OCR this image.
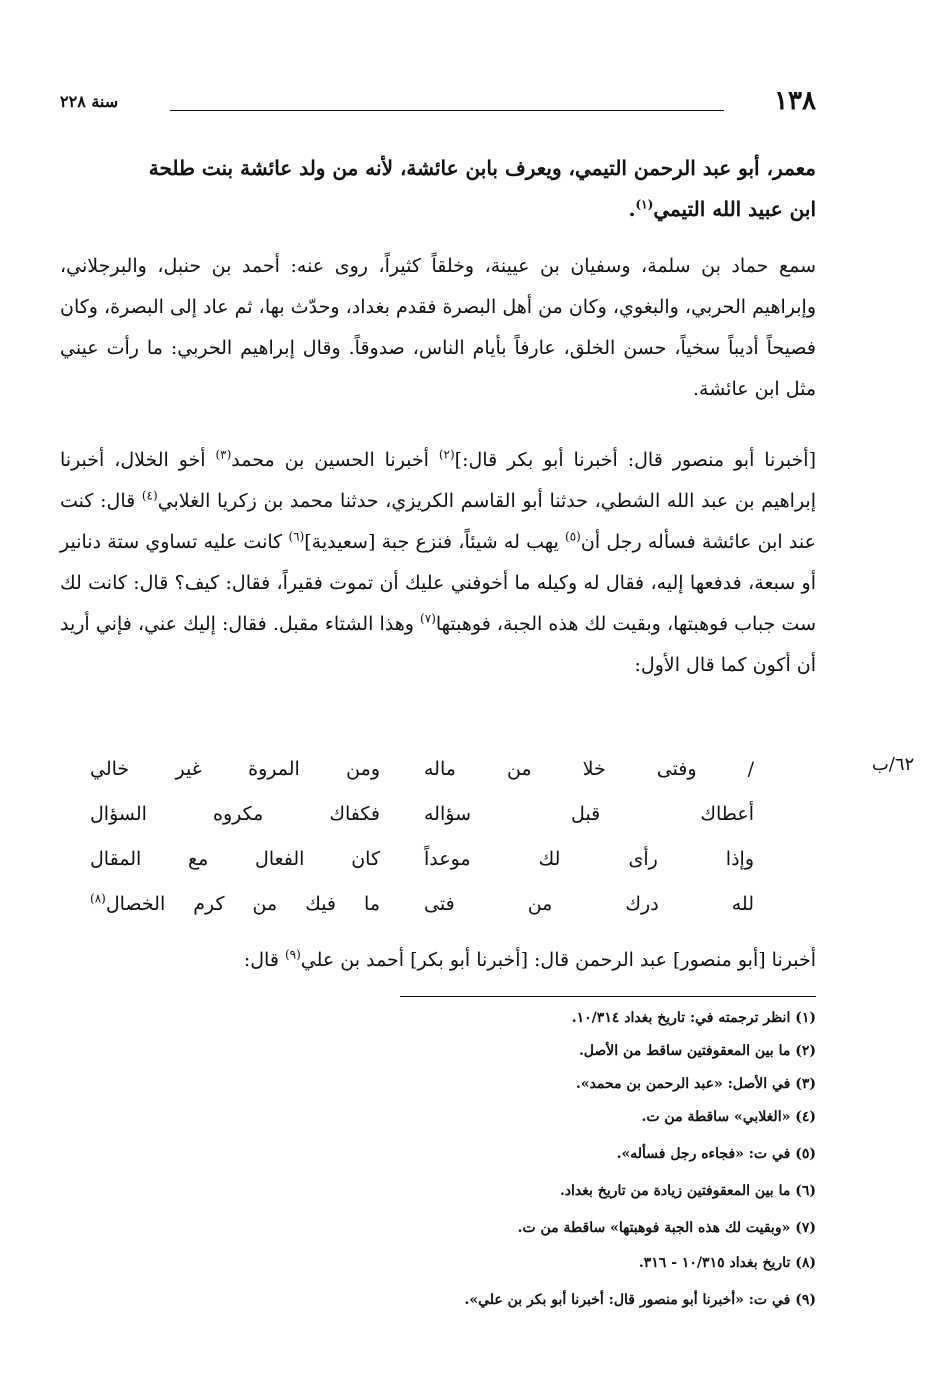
١٣٨
سنة ٢٢٨
معمر، أبو عبد الرحمن التيمي، ويعرف بابن عائشة، لأنه من ولد عائشة بنت طلحة
ابن عبيد الله التيمي$^{(١)}$.
سمع حماد بن سلمة، وسفيان بن عيينة، وخلقاً كثيراً، روى عنه: أحمد بن حنبل، والبرجلاني، وإبراهيم الحربي، والبغوي، وكان من أهل البصرة فقدم بغداد، وحدّث بها، ثم عاد إلى البصرة، وكان فصيحاً أديباً سخياً، حسن الخلق، عارفاً بأيام الناس، صدوقاً. وقال إبراهيم الحربي: ما رأت عيني مثل ابن عائشة.
[أخبرنا أبو منصور قال: أخبرنا أبو بكر قال:]$^{(٢)}$ أخبرنا الحسين بن محمد$^{(٣)}$ أخو الخلال، أخبرنا إبراهيم بن عبد الله الشطي، حدثنا أبو القاسم الكريزي، حدثنا محمد بن زكريا الغلابي$^{(٤)}$ قال: كنت عند ابن عائشة فسأله رجل أن$^{(٥)}$ يهب له شيئاً، فنزع جبة [سعيدية]$^{(٦)}$ كانت عليه تساوي ستة دنانير أو سبعة، فدفعها إليه، فقال له وكيله ما أخوفني عليك أن تموت فقيراً، فقال: كيف؟ قال: كانت لك ست جباب فوهبتها، وبقيت لك هذه الجبة، فوهبتها$^{(٧)}$ وهذا الشتاء مقبل. فقال: إليك عني، فإني أريد أن أكون كما قال الأول:
٦٢/ب
/ وفتى خلا من ماله
ومن المروة غير خالي
أعطاك قبل سؤاله
فكفاك مكروه السؤال
وإذا رأى لك موعداً
كان الفعال مع المقال
لله درك من فتى
ما فيك من كرم الخصال$^{(٨)}$
أخبرنا [أبو منصور] عبد الرحمن قال: [أخبرنا أبو بكر] أحمد بن علي$^{(٩)}$ قال:
(١) انظر ترجمته في: تاريخ بغداد ١٠/٣١٤.
(٢) ما بين المعقوفتين ساقط من الأصل.
(٣) في الأصل: «عبد الرحمن بن محمد».
(٤) «الغلابي» ساقطة من ت.
(٥) في ت: «فجاءه رجل فسأله».
(٦) ما بين المعقوفتين زيادة من تاريخ بغداد.
(٧) «وبقيت لك هذه الجبة فوهبتها» ساقطة من ت.
(٨) تاريخ بغداد ١٠/٣١٥ - ٣١٦.
(٩) في ت: «أخبرنا أبو منصور قال: أخبرنا أبو بكر بن علي».
